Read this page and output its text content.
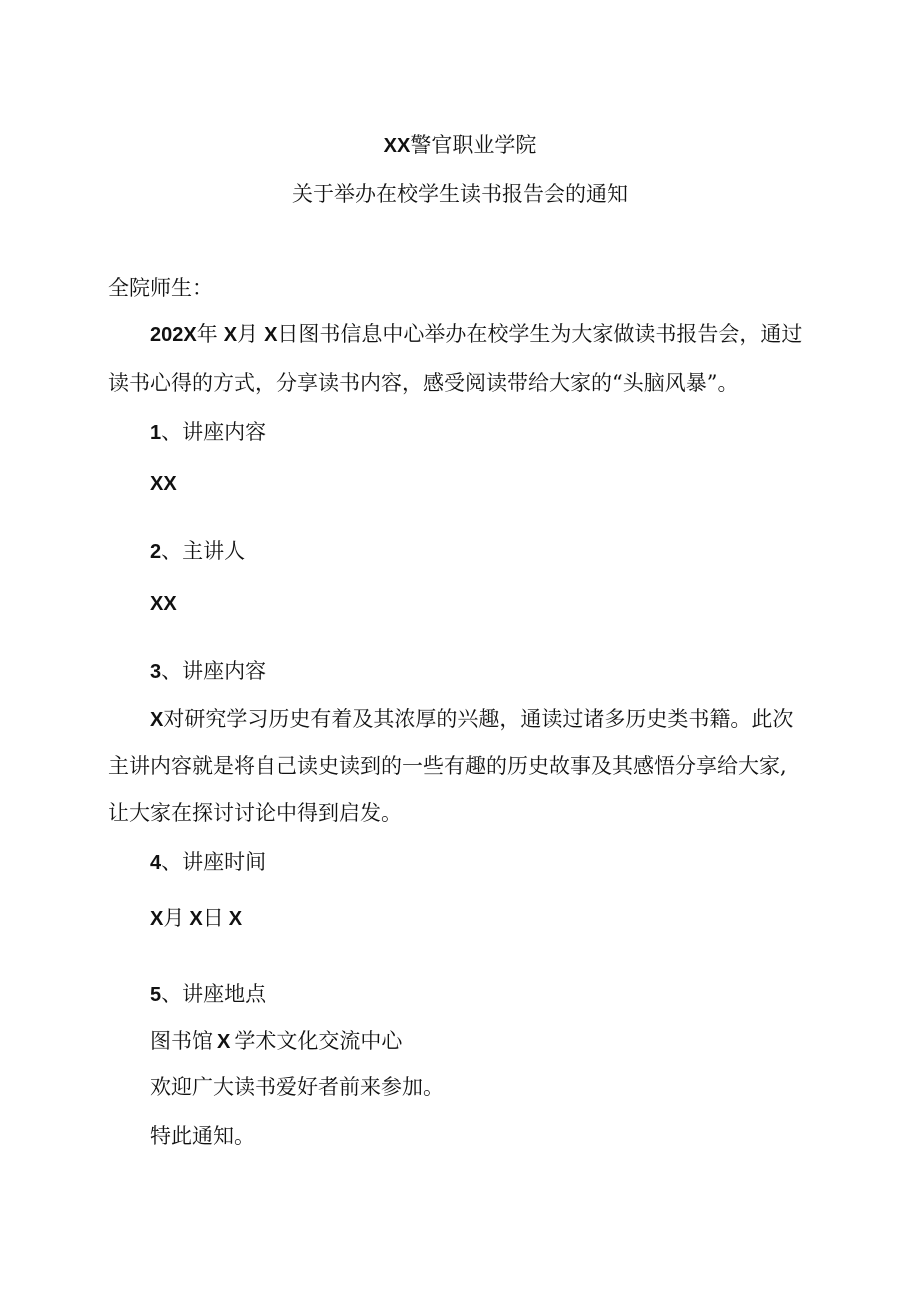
XX警官职业学院
关于举办在校学生读书报告会的通知
全院师生：
202X年 X月 X日图书信息中心举办在校学生为大家做读书报告会，通过
读书心得的方式，分享读书内容，感受阅读带给大家的“头脑风暴”。
1、讲座内容
XX
2、主讲人
XX
3、讲座内容
X对研究学习历史有着及其浓厚的兴趣，通读过诸多历史类书籍。此次
主讲内容就是将自己读史读到的一些有趣的历史故事及其感悟分享给大家,
让大家在探讨讨论中得到启发。
4、讲座时间
X月 X日 X
5、讲座地点
图书馆 X 学术文化交流中心
欢迎广大读书爱好者前来参加。
特此通知。
